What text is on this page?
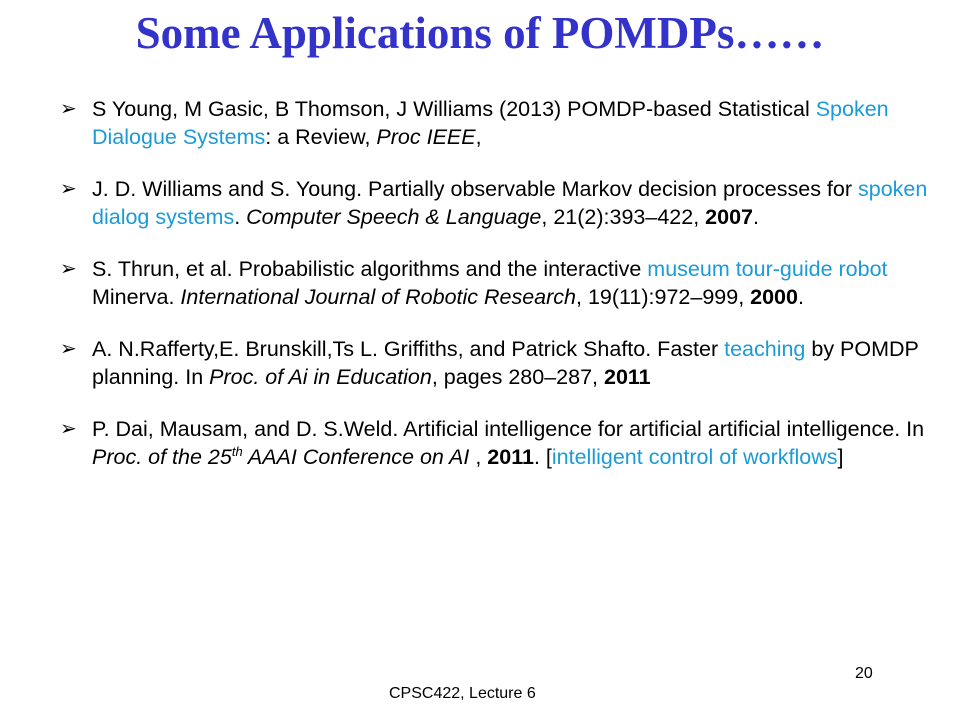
Some Applications of POMDPs……
➢ S Young, M Gasic, B Thomson, J Williams (2013) POMDP-based Statistical Spoken Dialogue Systems: a Review, Proc IEEE,
➢ J. D. Williams and S. Young. Partially observable Markov decision processes for spoken dialog systems. Computer Speech & Language, 21(2):393–422, 2007.
➢ S. Thrun, et al. Probabilistic algorithms and the interactive museum tour-guide robot Minerva. International Journal of Robotic Research, 19(11):972–999, 2000.
➢ A. N.Rafferty,E. Brunskill,Ts L. Griffiths, and Patrick Shafto. Faster teaching by POMDP planning. In Proc. of Ai in Education, pages 280–287, 2011
➢ P. Dai, Mausam, and D. S.Weld. Artificial intelligence for artificial artificial intelligence. In Proc. of the 25th AAAI Conference on AI , 2011. [intelligent control of workflows]
CPSC422, Lecture 6
20
